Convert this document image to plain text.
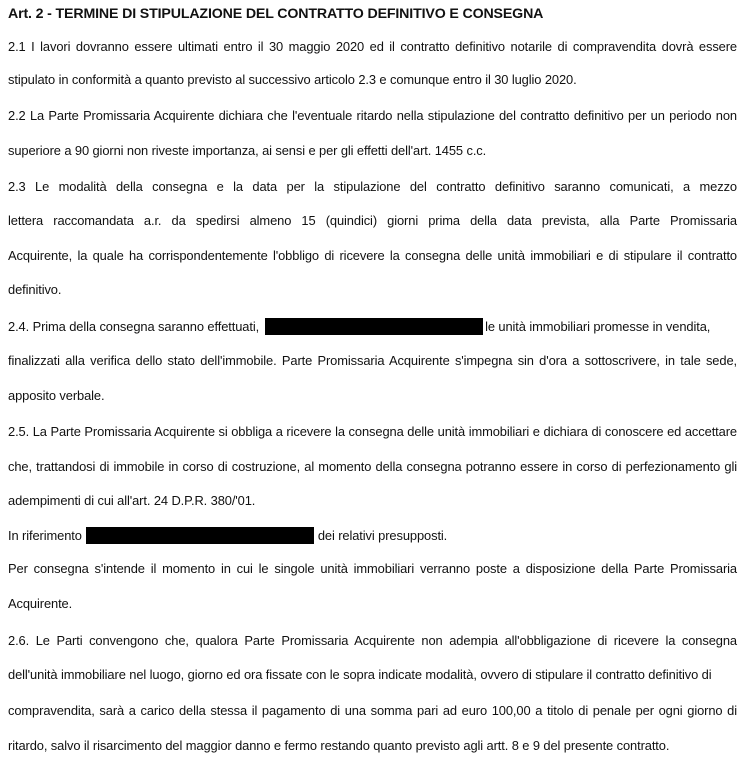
Art. 2 - TERMINE DI STIPULAZIONE DEL CONTRATTO DEFINITIVO E CONSEGNA
2.1 I lavori dovranno essere ultimati entro il 30 maggio 2020 ed il contratto definitivo notarile di compravendita dovrà essere
stipulato in conformità a quanto previsto al successivo articolo 2.3 e comunque entro il 30 luglio 2020.
2.2 La Parte Promissaria Acquirente dichiara che l'eventuale ritardo nella stipulazione del contratto definitivo per un periodo non
superiore a 90 giorni non riveste importanza, ai sensi e per gli effetti dell'art. 1455 c.c.
2.3 Le modalità della consegna e la data per la stipulazione del contratto definitivo saranno comunicati, a mezzo
lettera raccomandata a.r. da spedirsi almeno 15 (quindici) giorni prima della data prevista, alla Parte Promissaria
Acquirente, la quale ha corrispondentemente l'obbligo di ricevere la consegna delle unità immobiliari e di stipulare il contratto
definitivo.
2.4. Prima della consegna saranno effettuati,	le unità immobiliari promesse in vendita,
finalizzati alla verifica dello stato dell'immobile. Parte Promissaria Acquirente s'impegna sin d'ora a sottoscrivere, in tale sede,
apposito verbale.
2.5. La Parte Promissaria Acquirente si obbliga a ricevere la consegna delle unità immobiliari e dichiara di conoscere ed accettare
che, trattandosi di immobile in corso di costruzione, al momento della consegna potranno essere in corso di perfezionamento gli
adempimenti di cui all'art. 24 D.P.R. 380/'01.
In riferimento	dei relativi presupposti.
Per consegna s'intende il momento in cui le singole unità immobiliari verranno poste a disposizione della Parte Promissaria
Acquirente.
2.6. Le Parti convengono che, qualora Parte Promissaria Acquirente non adempia all'obbligazione di ricevere la consegna
dell'unità immobiliare nel luogo, giorno ed ora fissate con le sopra indicate modalità, ovvero di stipulare il contratto definitivo di
compravendita, sarà a carico della stessa il pagamento di una somma pari ad euro 100,00 a titolo di penale per ogni giorno di
ritardo, salvo il risarcimento del maggior danno e fermo restando quanto previsto agli artt. 8 e 9 del presente contratto.
